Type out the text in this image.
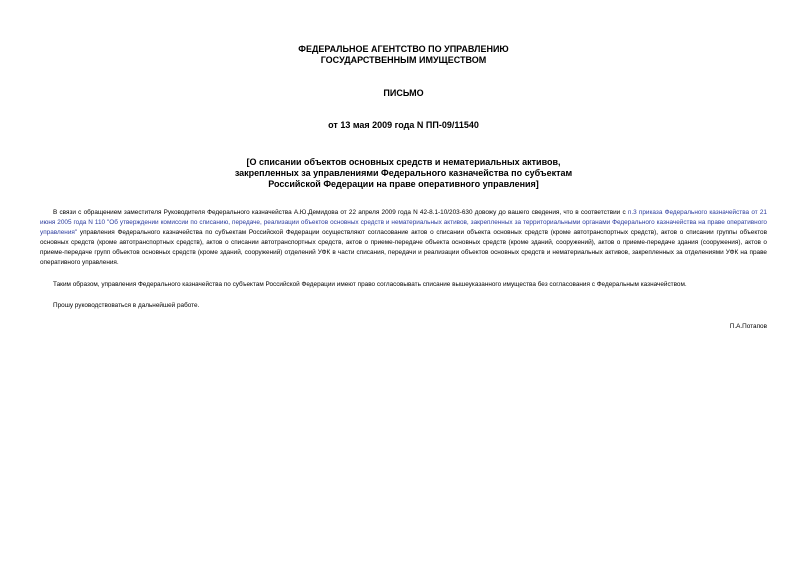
ФЕДЕРАЛЬНОЕ АГЕНТСТВО ПО УПРАВЛЕНИЮ
ГОСУДАРСТВЕННЫМ ИМУЩЕСТВОМ
ПИСЬМО
от 13 мая 2009 года N ПП-09/11540
[О списании объектов основных средств и нематериальных активов,
закрепленных за управлениями Федерального казначейства по субъектам
Российской Федерации на праве оперативного управления]
В связи с обращением заместителя Руководителя Федерального казначейства А.Ю.Демидова от 22 апреля 2009 года N 42-8.1-10/203-630 довожу до вашего сведения, что в соответствии с п.3 приказа Федерального казначейства от 21 июня 2005 года N 110 "Об утверждении комиссии по списанию, передаче, реализации объектов основных средств и нематериальных активов, закрепленных за территориальными органами Федерального казначейства на праве оперативного управления" управления Федерального казначейства по субъектам Российской Федерации осуществляют согласование актов о списании объекта основных средств (кроме автотранспортных средств), актов о списании группы объектов основных средств (кроме автотранспортных средств), актов о списании автотранспортных средств, актов о приеме-передаче объекта основных средств (кроме зданий, сооружений), актов о приеме-передаче здания (сооружения), актов о приеме-передаче групп объектов основных средств (кроме зданий, сооружений) отделений УФК в части списания, передачи и реализации объектов основных средств и нематериальных активов, закрепленных за отделениями УФК на праве оперативного управления.
Таким образом, управления Федерального казначейства по субъектам Российской Федерации имеют право согласовывать списание вышеуказанного имущества без согласования с Федеральным казначейством.
Прошу руководствоваться в дальнейшей работе.
П.А.Потапов
